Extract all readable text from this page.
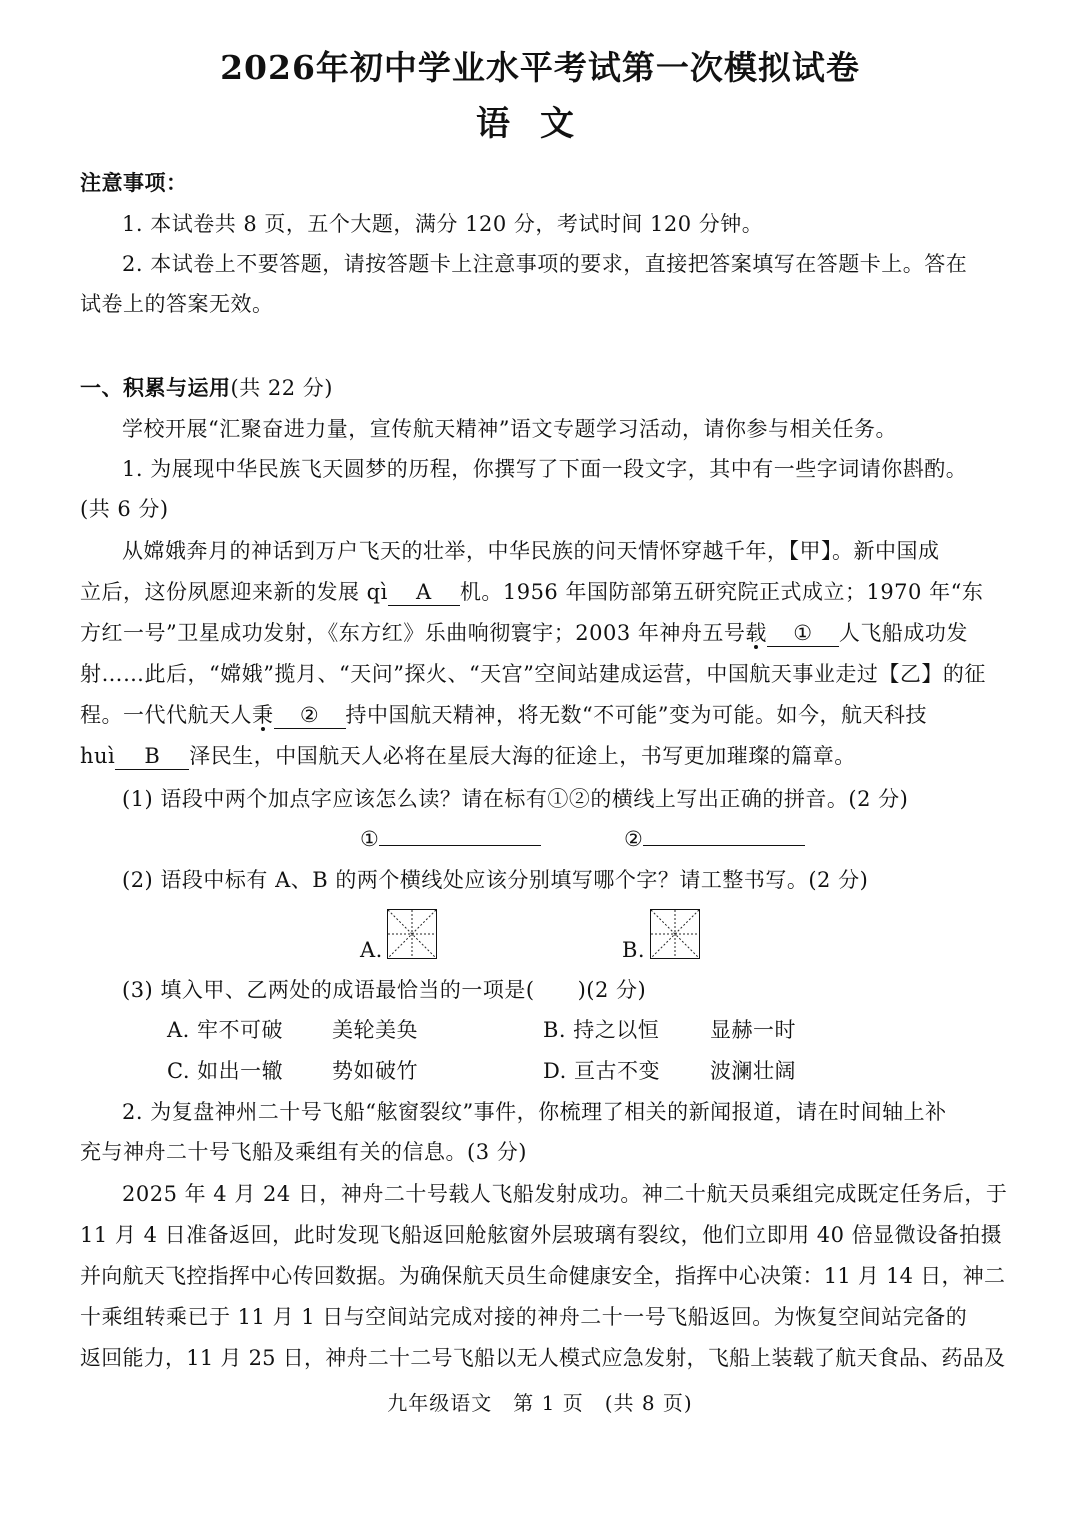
2026年初中学业水平考试第一次模拟试卷
语文
注意事项：
1. 本试卷共 8 页，五个大题，满分 120 分，考试时间 120 分钟。
2. 本试卷上不要答题，请按答题卡上注意事项的要求，直接把答案填写在答题卡上。答在
试卷上的答案无效。
一、积累与运用(共 22 分)
学校开展“汇聚奋进力量，宣传航天精神”语文专题学习活动，请你参与相关任务。
1. 为展现中华民族飞天圆梦的历程，你撰写了下面一段文字，其中有一些字词请你斟酌。
(共 6 分)
从嫦娥奔月的神话到万户飞天的壮举，中华民族的问天情怀穿越千年，【甲】。新中国成
立后，这份夙愿迎来新的发展 qì A 机。1956 年国防部第五研究院正式成立；1970 年“东
方红一号”卫星成功发射，《东方红》乐曲响彻寰宇；2003 年神舟五号载 ① 人飞船成功发
射……此后，“嫦娥”揽月、“天问”探火、“天宫”空间站建成运营，中国航天事业走过【乙】的征
程。一代代航天人秉 ② 持中国航天精神，将无数“不可能”变为可能。如今，航天科技
huì B 泽民生，中国航天人必将在星辰大海的征途上，书写更加璀璨的篇章。
(1) 语段中两个加点字应该怎么读？请在标有①②的横线上写出正确的拼音。(2 分)
①	②
(2) 语段中标有 A、B 的两个横线处应该分别填写哪个字？请工整书写。(2 分)
A.	B.
(3) 填入甲、乙两处的成语最恰当的一项是(　　)(2 分)
A. 牢不可破 美轮美奂	B. 持之以恒 显赫一时
C. 如出一辙 势如破竹	D. 亘古不变 波澜壮阔
2. 为复盘神州二十号飞船“舷窗裂纹”事件，你梳理了相关的新闻报道，请在时间轴上补
充与神舟二十号飞船及乘组有关的信息。(3 分)
2025 年 4 月 24 日，神舟二十号载人飞船发射成功。神二十航天员乘组完成既定任务后，于
11 月 4 日准备返回，此时发现飞船返回舱舷窗外层玻璃有裂纹，他们立即用 40 倍显微设备拍摄
并向航天飞控指挥中心传回数据。为确保航天员生命健康安全，指挥中心决策：11 月 14 日，神二
十乘组转乘已于 11 月 1 日与空间站完成对接的神舟二十一号飞船返回。为恢复空间站完备的
返回能力，11 月 25 日，神舟二十二号飞船以无人模式应急发射，飞船上装载了航天食品、药品及
九年级语文　第 1 页　(共 8 页)
